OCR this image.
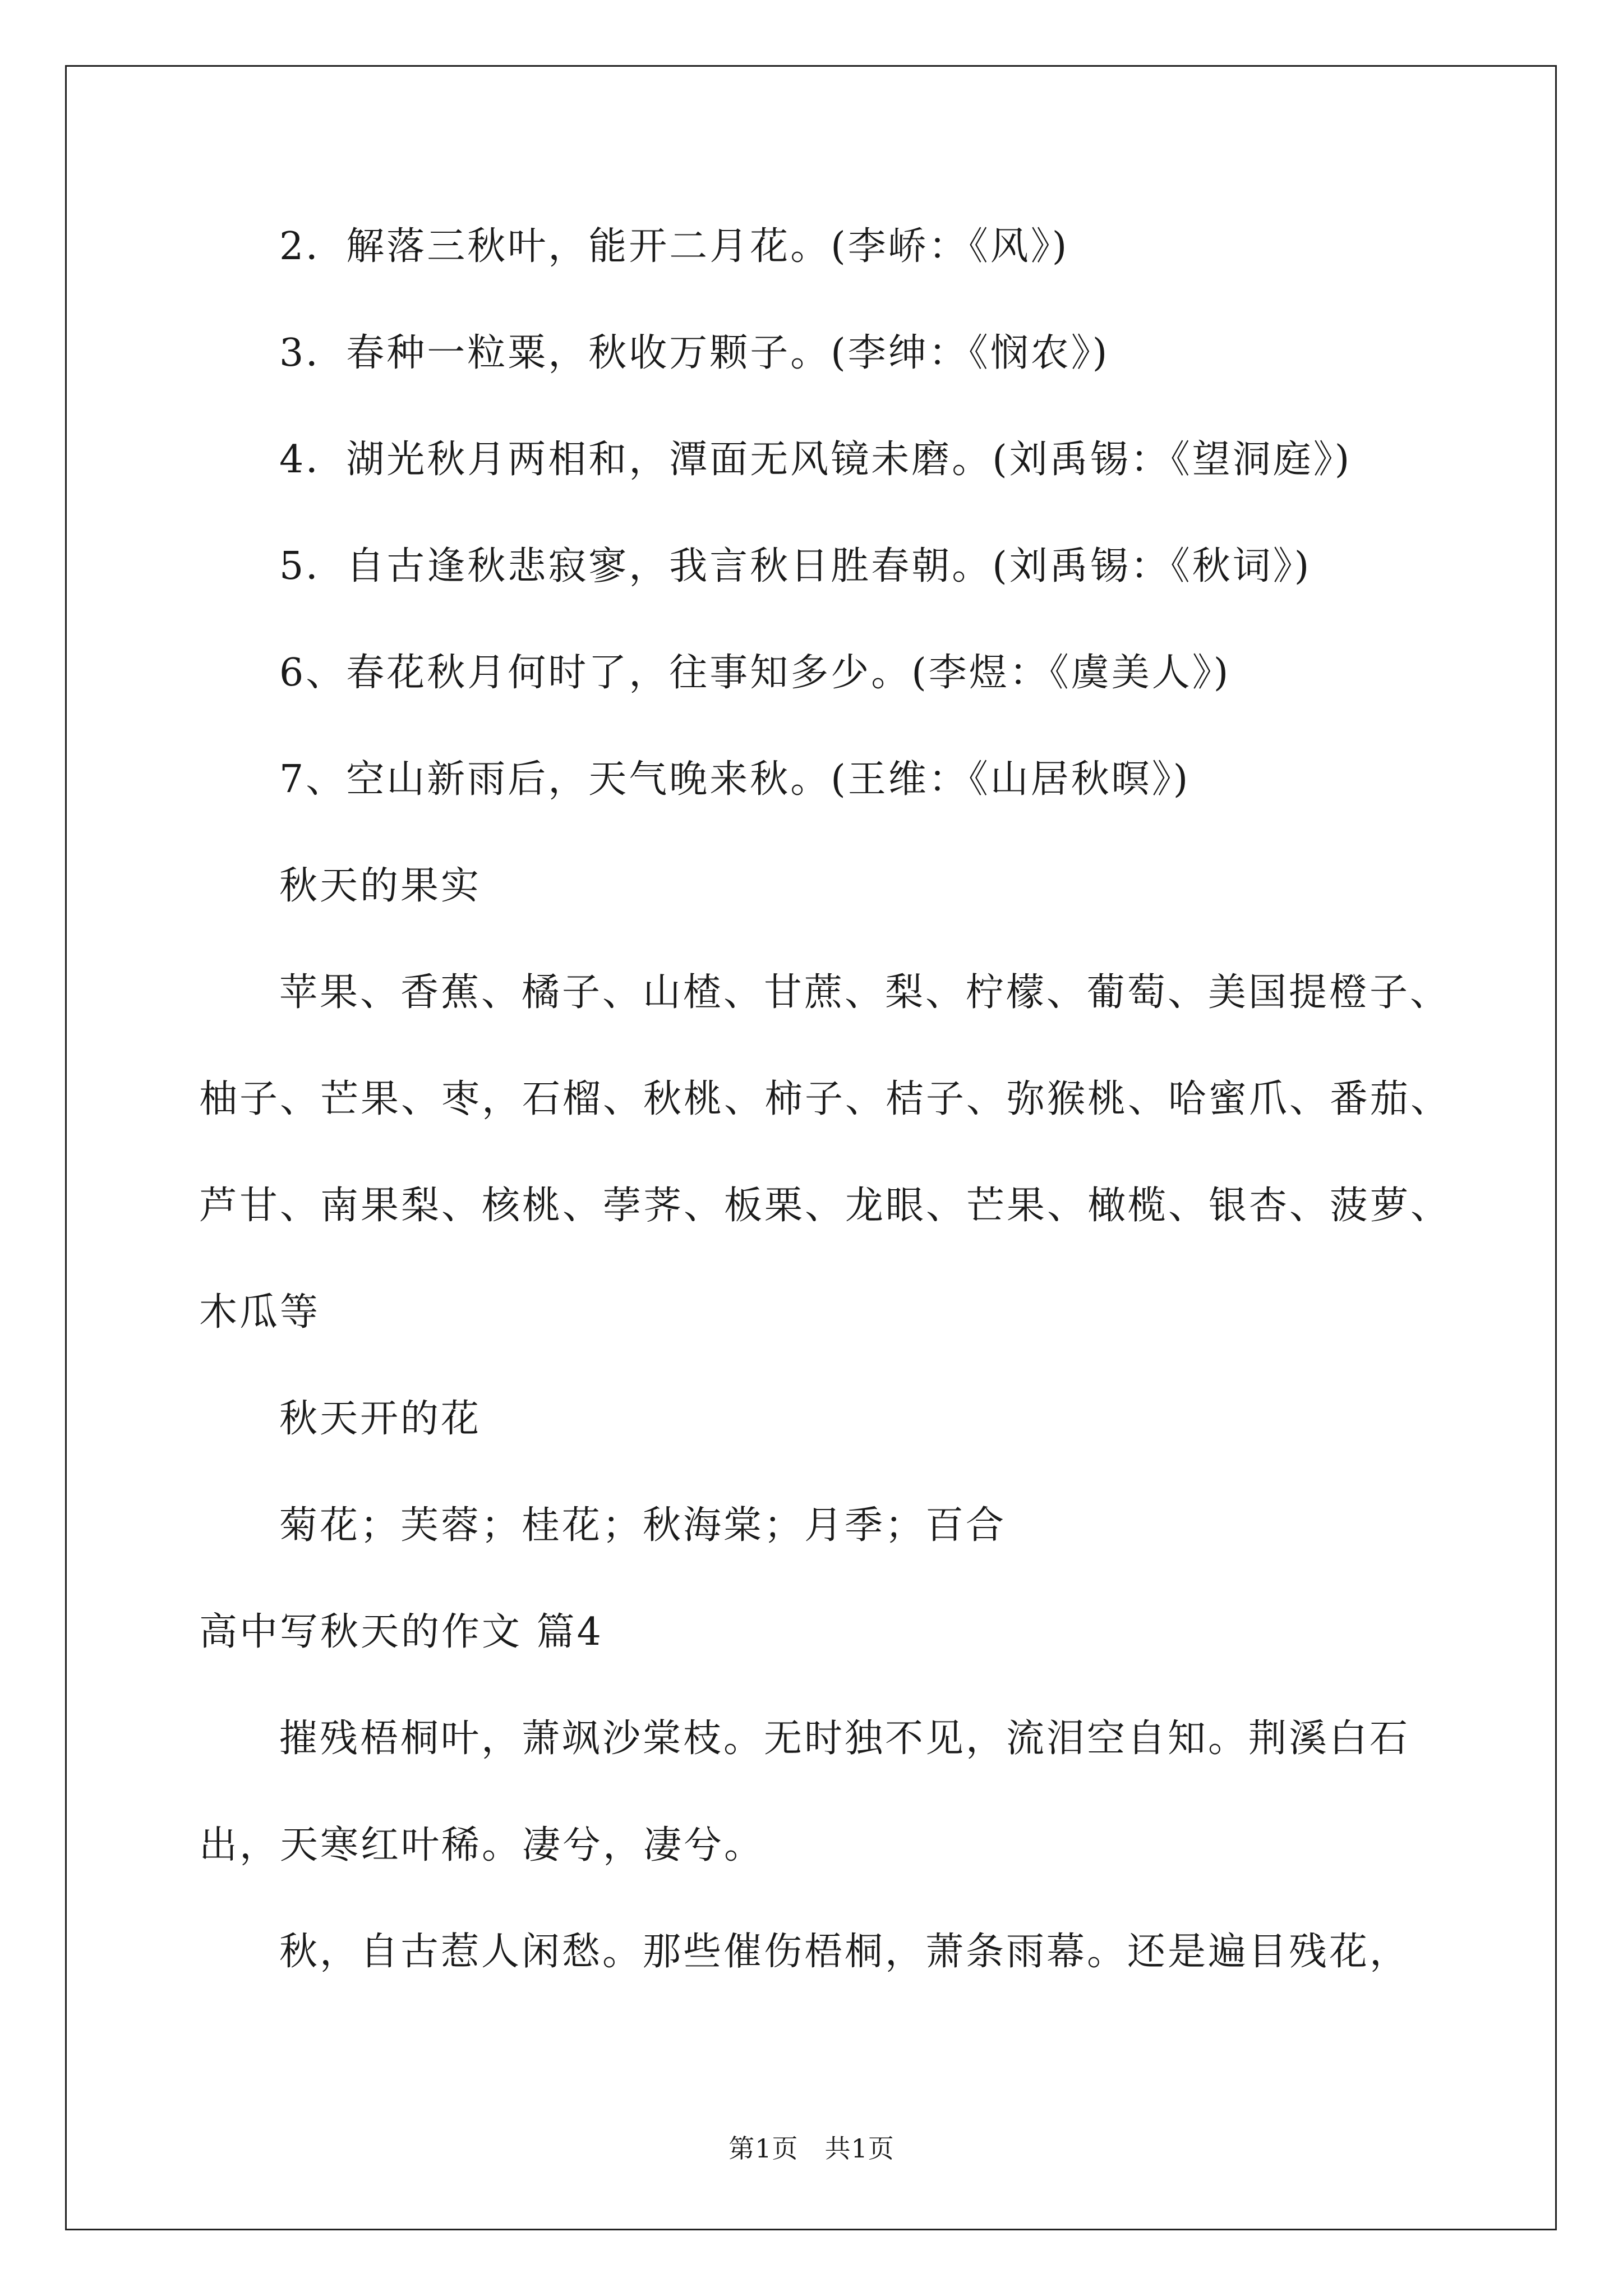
2．解落三秋叶，能开二月花。(李峤：《风》)
3．春种一粒粟，秋收万颗子。(李绅：《悯农》)
4．湖光秋月两相和，潭面无风镜未磨。(刘禹锡：《望洞庭》)
5．自古逢秋悲寂寥，我言秋日胜春朝。(刘禹锡：《秋词》)
6、春花秋月何时了，往事知多少。(李煜：《虞美人》)
7、空山新雨后，天气晚来秋。(王维：《山居秋暝》)
秋天的果实
苹果、香蕉、橘子、山楂、甘蔗、梨、柠檬、葡萄、美国提橙子、
柚子、芒果、枣，石榴、秋桃、柿子、桔子、弥猴桃、哈蜜爪、番茄、
芦甘、南果梨、核桃、荸荠、板栗、龙眼、芒果、橄榄、银杏、菠萝、
木瓜等
秋天开的花
菊花；芙蓉；桂花；秋海棠；月季；百合
高中写秋天的作文 篇4
摧残梧桐叶，萧飒沙棠枝。无时独不见，流泪空自知。荆溪白石
出，天寒红叶稀。凄兮，凄兮。
秋，自古惹人闲愁。那些催伤梧桐，萧条雨幕。还是遍目残花，
第1页　共1页
